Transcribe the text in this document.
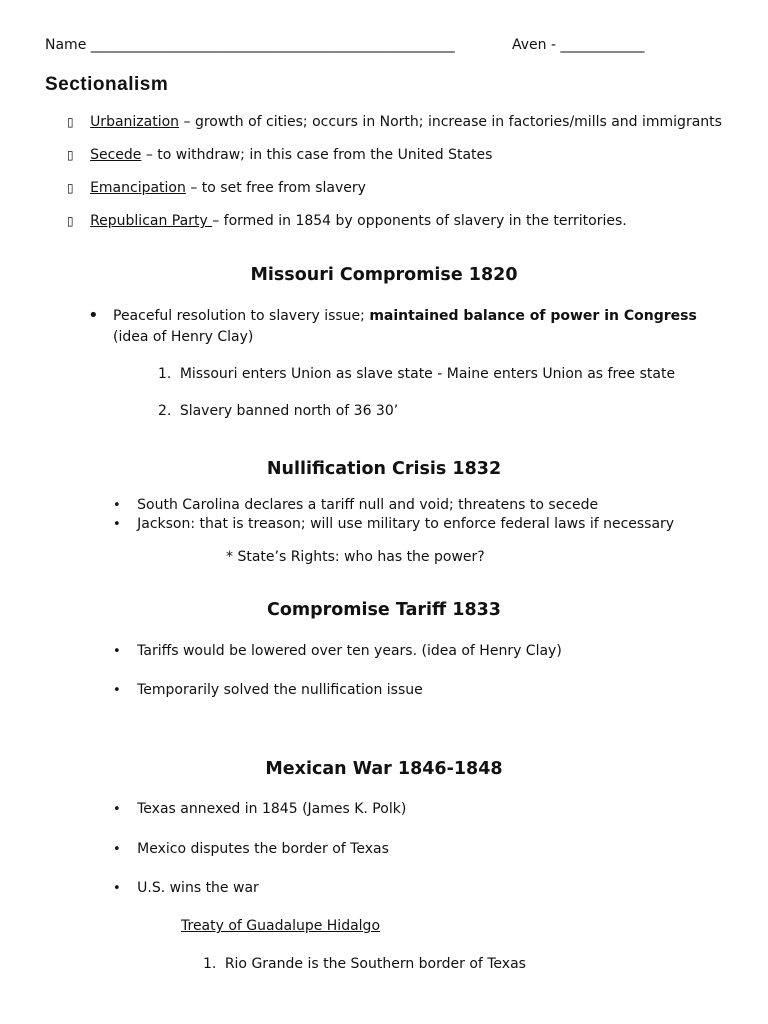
Name ____________________________________________________	Aven - ____________
Sectionalism
▯ Urbanization – growth of cities; occurs in North; increase in factories/mills and immigrants
▯ Secede – to withdraw; in this case from the United States
▯ Emancipation – to set free from slavery
▯ Republican Party – formed in 1854 by opponents of slavery in the territories.
Missouri Compromise 1820
• Peaceful resolution to slavery issue; maintained balance of power in Congress
(idea of Henry Clay)
1. Missouri enters Union as slave state - Maine enters Union as free state
2. Slavery banned north of 36 30’
Nullification Crisis 1832
• South Carolina declares a tariff null and void; threatens to secede
• Jackson: that is treason; will use military to enforce federal laws if necessary
* State’s Rights: who has the power?
Compromise Tariff 1833
• Tariffs would be lowered over ten years. (idea of Henry Clay)
• Temporarily solved the nullification issue
Mexican War 1846-1848
• Texas annexed in 1845 (James K. Polk)
• Mexico disputes the border of Texas
• U.S. wins the war
Treaty of Guadalupe Hidalgo
1. Rio Grande is the Southern border of Texas
